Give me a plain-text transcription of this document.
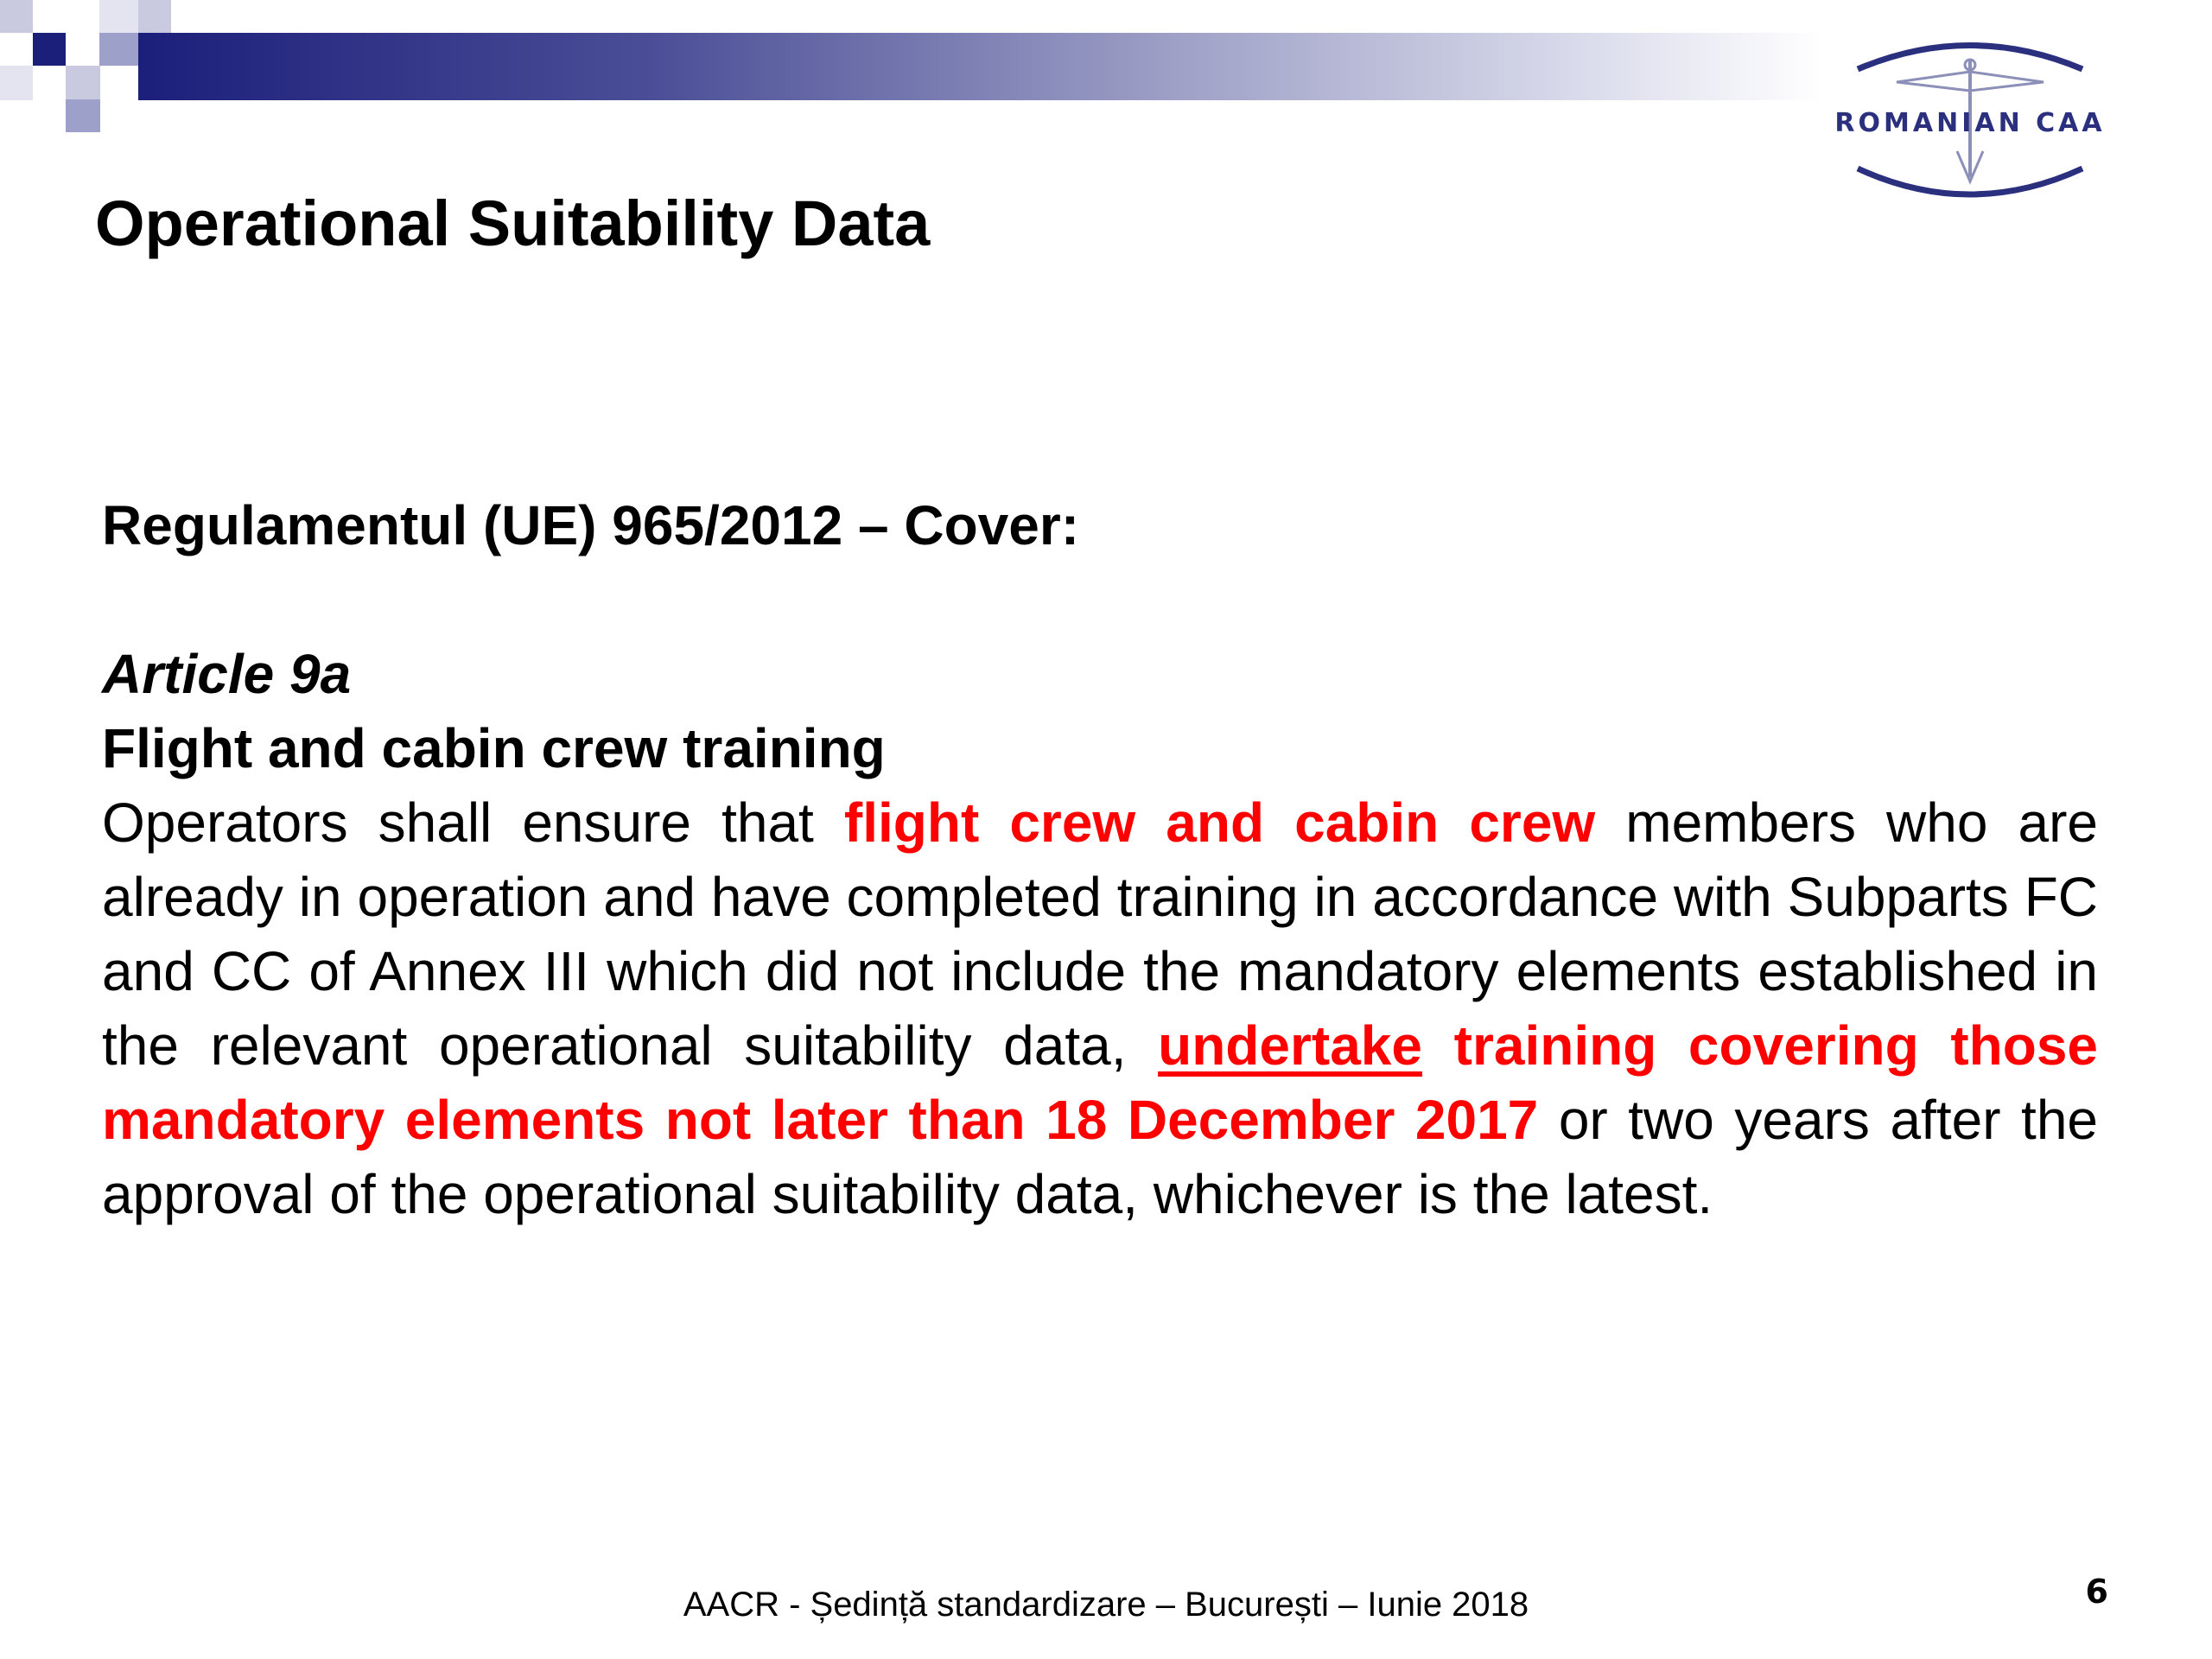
ROMANIAN CAA
Operational Suitability Data

Regulamentul (UE) 965/2012 – Cover:

Article 9a

Flight and cabin crew training

Operators shall ensure that flight crew and cabin crew members who are already in operation and have completed training in accordance with Subparts FC and CC of Annex III which did not include the mandatory elements established in the relevant operational suitability data, undertake training covering those mandatory elements not later than 18 December 2017 or two years after the approval of the operational suitability data, whichever is the latest.

AACR - Ședință standardizare – București – Iunie 2018	6
